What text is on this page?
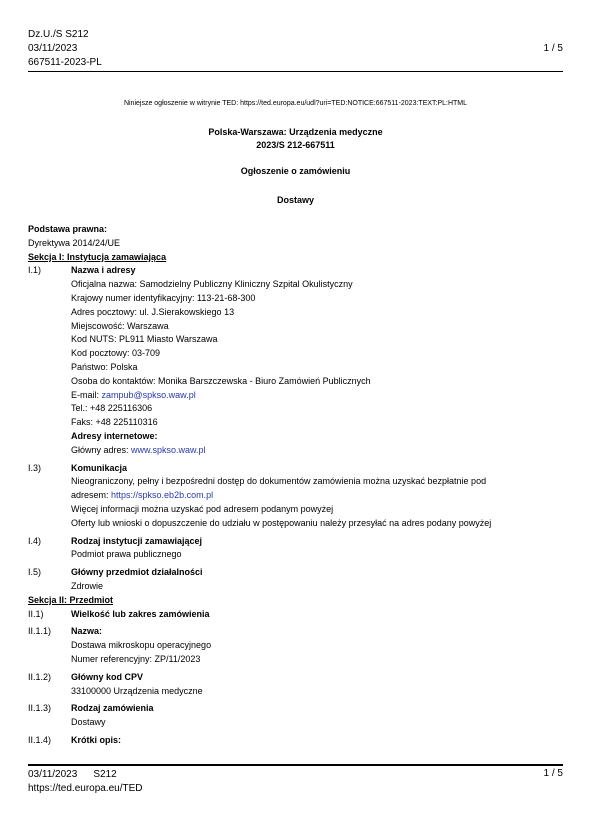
Dz.U./S S212
03/11/2023
667511-2023-PL
1 / 5
Niniejsze ogłoszenie w witrynie TED: https://ted.europa.eu/udl?uri=TED:NOTICE:667511-2023:TEXT:PL:HTML
Polska-Warszawa: Urządzenia medyczne
2023/S 212-667511
Ogłoszenie o zamówieniu
Dostawy
Podstawa prawna:
Dyrektywa 2014/24/UE
Sekcja I: Instytucja zamawiająca
I.1)	Nazwa i adresy
Oficjalna nazwa: Samodzielny Publiczny Kliniczny Szpital Okulistyczny
Krajowy numer identyfikacyjny: 113-21-68-300
Adres pocztowy: ul. J.Sierakowskiego 13
Miejscowość: Warszawa
Kod NUTS: PL911 Miasto Warszawa
Kod pocztowy: 03-709
Państwo: Polska
Osoba do kontaktów: Monika Barszczewska - Biuro Zamówień Publicznych
E-mail: zampub@spkso.waw.pl
Tel.: +48 225116306
Faks: +48 225110316
Adresy internetowe:
Główny adres: www.spkso.waw.pl
I.3)	Komunikacja
Nieograniczony, pełny i bezpośredni dostęp do dokumentów zamówienia można uzyskać bezpłatnie pod
adresem: https://spkso.eb2b.com.pl
Więcej informacji można uzyskać pod adresem podanym powyżej
Oferty lub wnioski o dopuszczenie do udziału w postępowaniu należy przesyłać na adres podany powyżej
I.4)	Rodzaj instytucji zamawiającej
Podmiot prawa publicznego
I.5)	Główny przedmiot działalności
Zdrowie
Sekcja II: Przedmiot
II.1)	Wielkość lub zakres zamówienia
II.1.1)	Nazwa:
Dostawa mikroskopu operacyjnego
Numer referencyjny: ZP/11/2023
II.1.2)	Główny kod CPV
33100000 Urządzenia medyczne
II.1.3)	Rodzaj zamówienia
Dostawy
II.1.4)	Krótki opis:
03/11/2023 S212
https://ted.europa.eu/TED
1 / 5
